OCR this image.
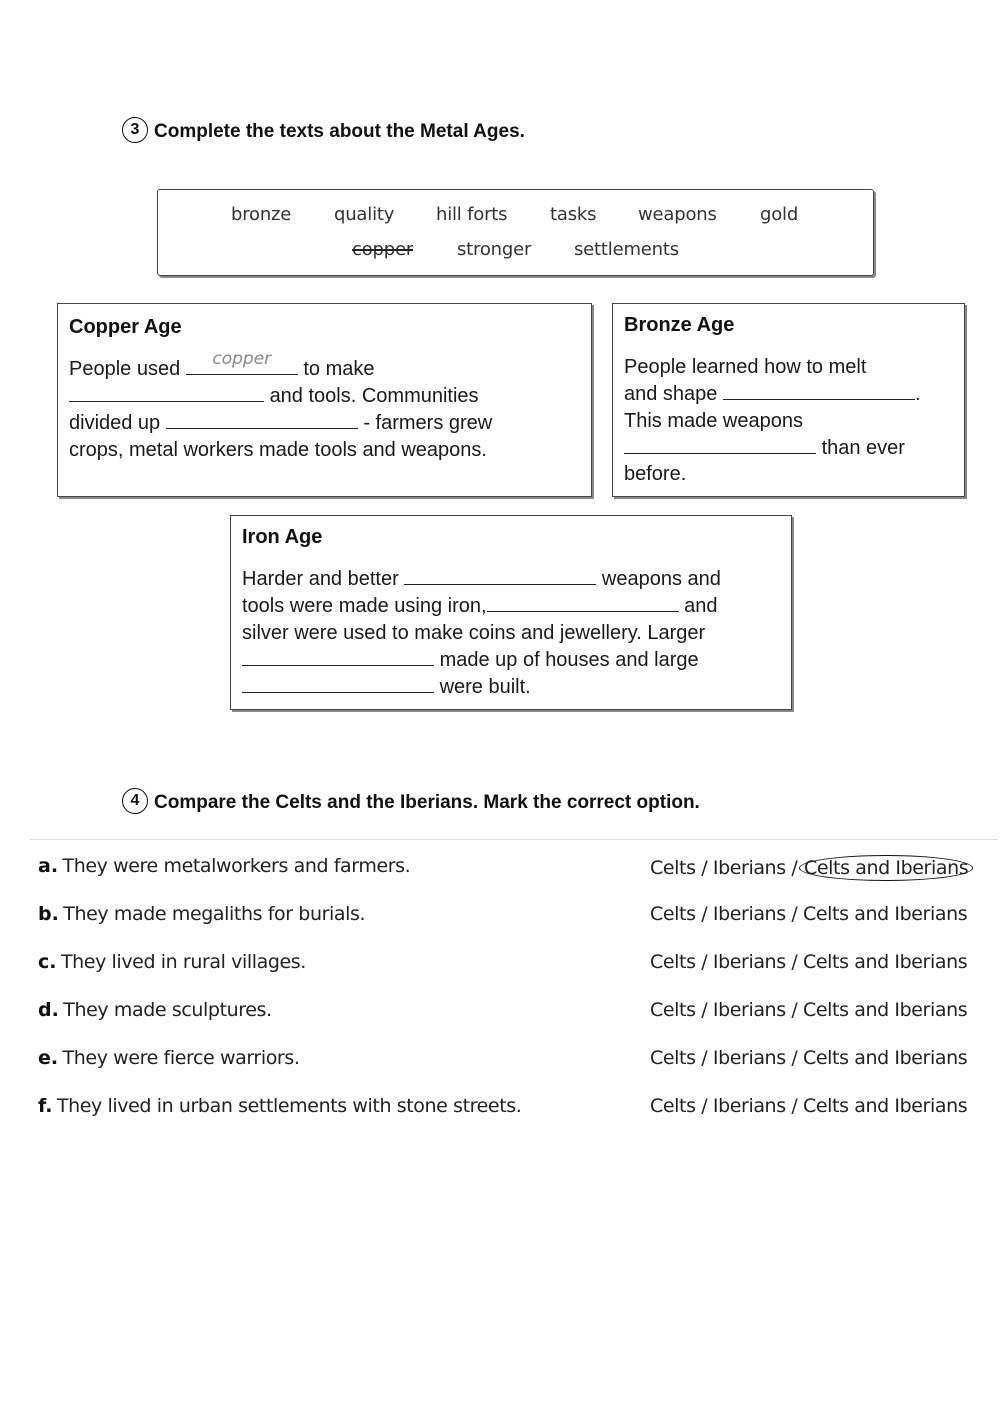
3 Complete the texts about the Metal Ages.
bronze quality hill forts tasks weapons gold
copper stronger settlements
Copper Age
People used	copper	to make
and tools. Communities
divided up	- farmers grew
crops, metal workers made tools and weapons.
Bronze Age
People learned how to melt
and shape	.
This made weapons
than ever
before.
Iron Age
Harder and better	weapons and
tools were made using iron,	and
silver were used to make coins and jewellery. Larger
made up of houses and large
were built.
4 Compare the Celts and the Iberians. Mark the correct option.
a. They were metalworkers and farmers.	Celts / Iberians / Celts and Iberians
b. They made megaliths for burials.	Celts / Iberians / Celts and Iberians
c. They lived in rural villages.	Celts / Iberians / Celts and Iberians
d. They made sculptures.	Celts / Iberians / Celts and Iberians
e. They were fierce warriors.	Celts / Iberians / Celts and Iberians
f. They lived in urban settlements with stone streets.	Celts / Iberians / Celts and Iberians
